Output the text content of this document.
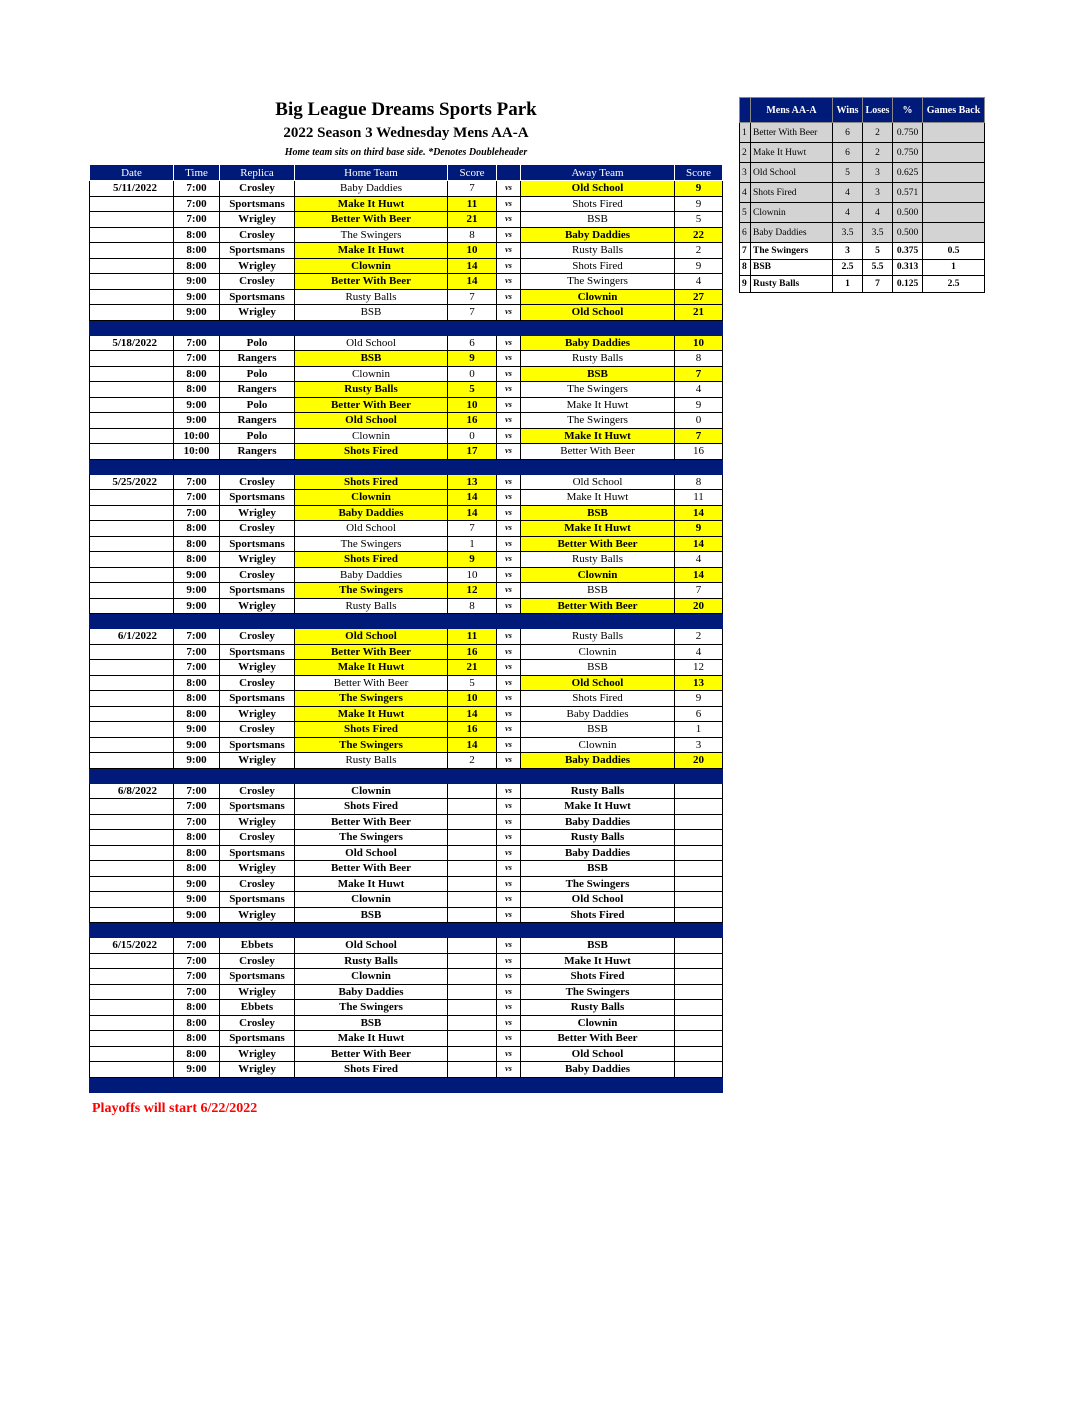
Big League Dreams Sports Park
2022 Season 3 Wednesday Mens AA-A
Home team sits on third base side. *Denotes Doubleheader
Date	Time	Replica	Home Team	Score		Away Team	Score
5/11/2022	7:00	Crosley	Baby Daddies	7	vs	Old School	9
	7:00	Sportsmans	Make It Huwt	11	vs	Shots Fired	9
	7:00	Wrigley	Better With Beer	21	vs	BSB	5
	8:00	Crosley	The Swingers	8	vs	Baby Daddies	22
	8:00	Sportsmans	Make It Huwt	10	vs	Rusty Balls	2
	8:00	Wrigley	Clownin	14	vs	Shots Fired	9
	9:00	Crosley	Better With Beer	14	vs	The Swingers	4
	9:00	Sportsmans	Rusty Balls	7	vs	Clownin	27
	9:00	Wrigley	BSB	7	vs	Old School	21

5/18/2022	7:00	Polo	Old School	6	vs	Baby Daddies	10
	7:00	Rangers	BSB	9	vs	Rusty Balls	8
	8:00	Polo	Clownin	0	vs	BSB	7
	8:00	Rangers	Rusty Balls	5	vs	The Swingers	4
	9:00	Polo	Better With Beer	10	vs	Make It Huwt	9
	9:00	Rangers	Old School	16	vs	The Swingers	0
	10:00	Polo	Clownin	0	vs	Make It Huwt	7
	10:00	Rangers	Shots Fired	17	vs	Better With Beer	16

5/25/2022	7:00	Crosley	Shots Fired	13	vs	Old School	8
	7:00	Sportsmans	Clownin	14	vs	Make It Huwt	11
	7:00	Wrigley	Baby Daddies	14	vs	BSB	14
	8:00	Crosley	Old School	7	vs	Make It Huwt	9
	8:00	Sportsmans	The Swingers	1	vs	Better With Beer	14
	8:00	Wrigley	Shots Fired	9	vs	Rusty Balls	4
	9:00	Crosley	Baby Daddies	10	vs	Clownin	14
	9:00	Sportsmans	The Swingers	12	vs	BSB	7
	9:00	Wrigley	Rusty Balls	8	vs	Better With Beer	20

6/1/2022	7:00	Crosley	Old School	11	vs	Rusty Balls	2
	7:00	Sportsmans	Better With Beer	16	vs	Clownin	4
	7:00	Wrigley	Make It Huwt	21	vs	BSB	12
	8:00	Crosley	Better With Beer	5	vs	Old School	13
	8:00	Sportsmans	The Swingers	10	vs	Shots Fired	9
	8:00	Wrigley	Make It Huwt	14	vs	Baby Daddies	6
	9:00	Crosley	Shots Fired	16	vs	BSB	1
	9:00	Sportsmans	The Swingers	14	vs	Clownin	3
	9:00	Wrigley	Rusty Balls	2	vs	Baby Daddies	20

6/8/2022	7:00	Crosley	Clownin		vs	Rusty Balls	
	7:00	Sportsmans	Shots Fired		vs	Make It Huwt	
	7:00	Wrigley	Better With Beer		vs	Baby Daddies	
	8:00	Crosley	The Swingers		vs	Rusty Balls	
	8:00	Sportsmans	Old School		vs	Baby Daddies	
	8:00	Wrigley	Better With Beer		vs	BSB	
	9:00	Crosley	Make It Huwt		vs	The Swingers	
	9:00	Sportsmans	Clownin		vs	Old School	
	9:00	Wrigley	BSB		vs	Shots Fired	

6/15/2022	7:00	Ebbets	Old School		vs	BSB	
	7:00	Crosley	Rusty Balls		vs	Make It Huwt	
	7:00	Sportsmans	Clownin		vs	Shots Fired	
	7:00	Wrigley	Baby Daddies		vs	The Swingers	
	8:00	Ebbets	The Swingers		vs	Rusty Balls	
	8:00	Crosley	BSB		vs	Clownin	
	8:00	Sportsmans	Make It Huwt		vs	Better With Beer	
	8:00	Wrigley	Better With Beer		vs	Old School	
	9:00	Wrigley	Shots Fired		vs	Baby Daddies	

	Mens AA-A	Wins	Loses	%	Games Back
1	Better With Beer	6	2	0.750	
2	Make It Huwt	6	2	0.750	
3	Old School	5	3	0.625	
4	Shots Fired	4	3	0.571	
5	Clownin	4	4	0.500	
6	Baby Daddies	3.5	3.5	0.500	
7	The Swingers	3	5	0.375	0.5
8	BSB	2.5	5.5	0.313	1
9	Rusty Balls	1	7	0.125	2.5
Playoffs will start 6/22/2022
